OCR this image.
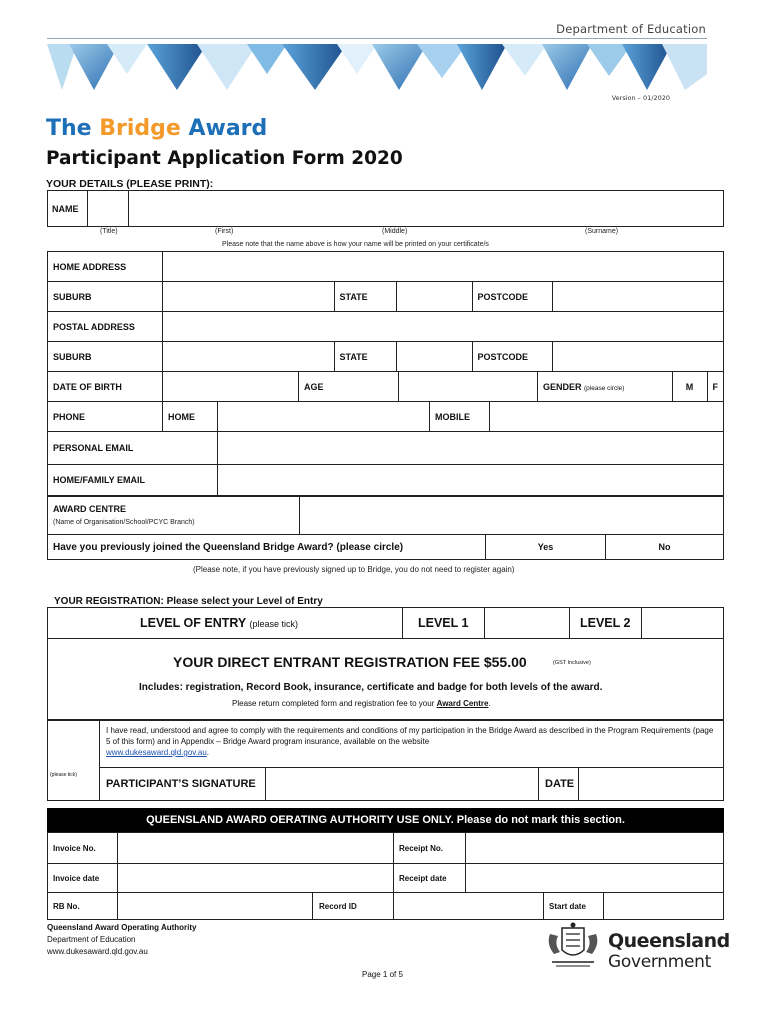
Department of Education
Version – 01/2020
The Bridge Award
Participant Application Form 2020
YOUR DETAILS (PLEASE PRINT):
NAME
(Title)	(First)	(Middle)	(Surname)
Please note that the name above is how your name will be printed on your certificate/s
HOME ADDRESS					
SUBURB		STATE		POSTCODE	
POSTAL ADDRESS					
SUBURB		STATE		POSTCODE	
DATE OF BIRTH		AGE		GENDER (please circle)	M	F
PHONE	HOME		MOBILE	
PERSONAL EMAIL				
HOME/FAMILY EMAIL				
AWARD CENTRE
(Name of Organisation/School/PCYC Branch)

Have you previously joined the Queensland Bridge Award? (please circle)	Yes	No
(Please note, if you have previously signed up to Bridge, you do not need to register again)
YOUR REGISTRATION: Please select your Level of Entry
LEVEL OF ENTRY (please tick)	LEVEL 1		LEVEL 2	
YOUR DIRECT ENTRANT REGISTRATION FEE $55.00	(GST Inclusive)
Includes: registration, Record Book, insurance, certificate and badge for both levels of the award.
Please return completed form and registration fee to your Award Centre.
	I have read, understood and agree to comply with the requirements and conditions of my participation in the Bridge Award as described in the Program Requirements (page 5 of this form) and in Appendix – Bridge Award program insurance, available on the website
www.dukesaward.qld.gov.au.
(please tick)	PARTICIPANT’S SIGNATURE DATE
QUEENSLAND AWARD OERATING AUTHORITY USE ONLY. Please do not mark this section.
Invoice No.		Receipt No.	
Invoice date		Receipt date	
RB No.		Record ID		Start date	
Queensland Award Operating Authority
Department of Education
www.dukesaward.qld.gov.au	Queensland
Government
Page 1 of 5
